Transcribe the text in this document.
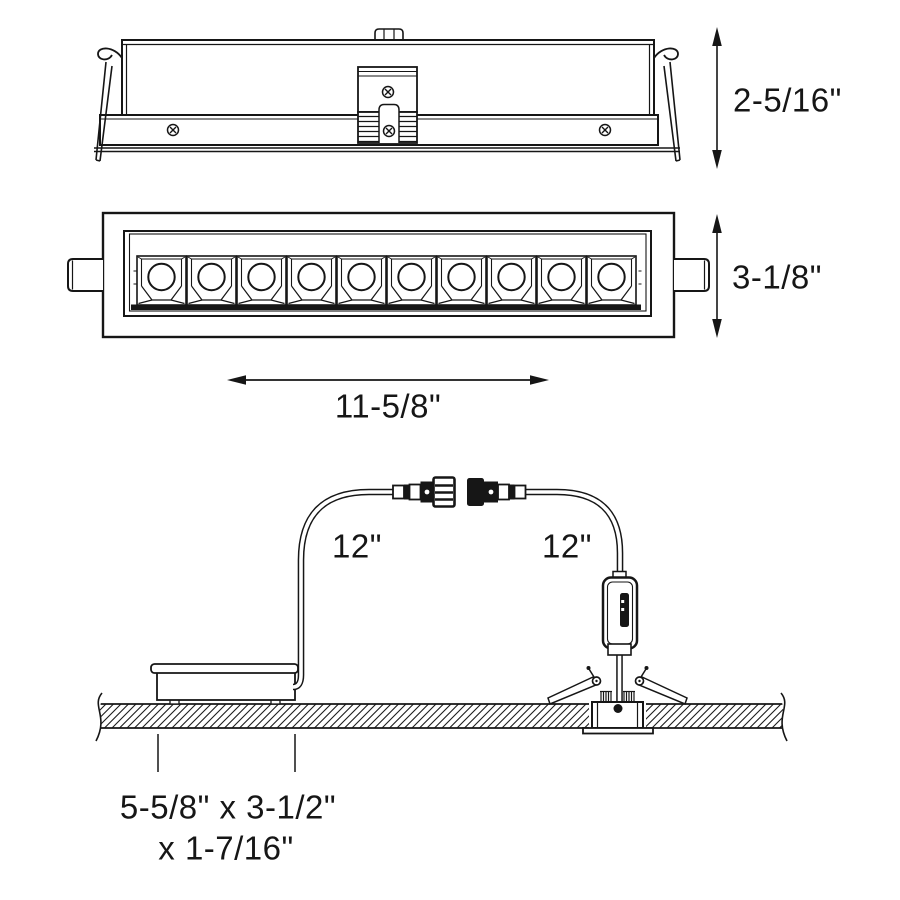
2-5/16"
3-1/8"
11-5/8"
12"	12"
5-5/8" x 3-1/2"
x 1-7/16"
